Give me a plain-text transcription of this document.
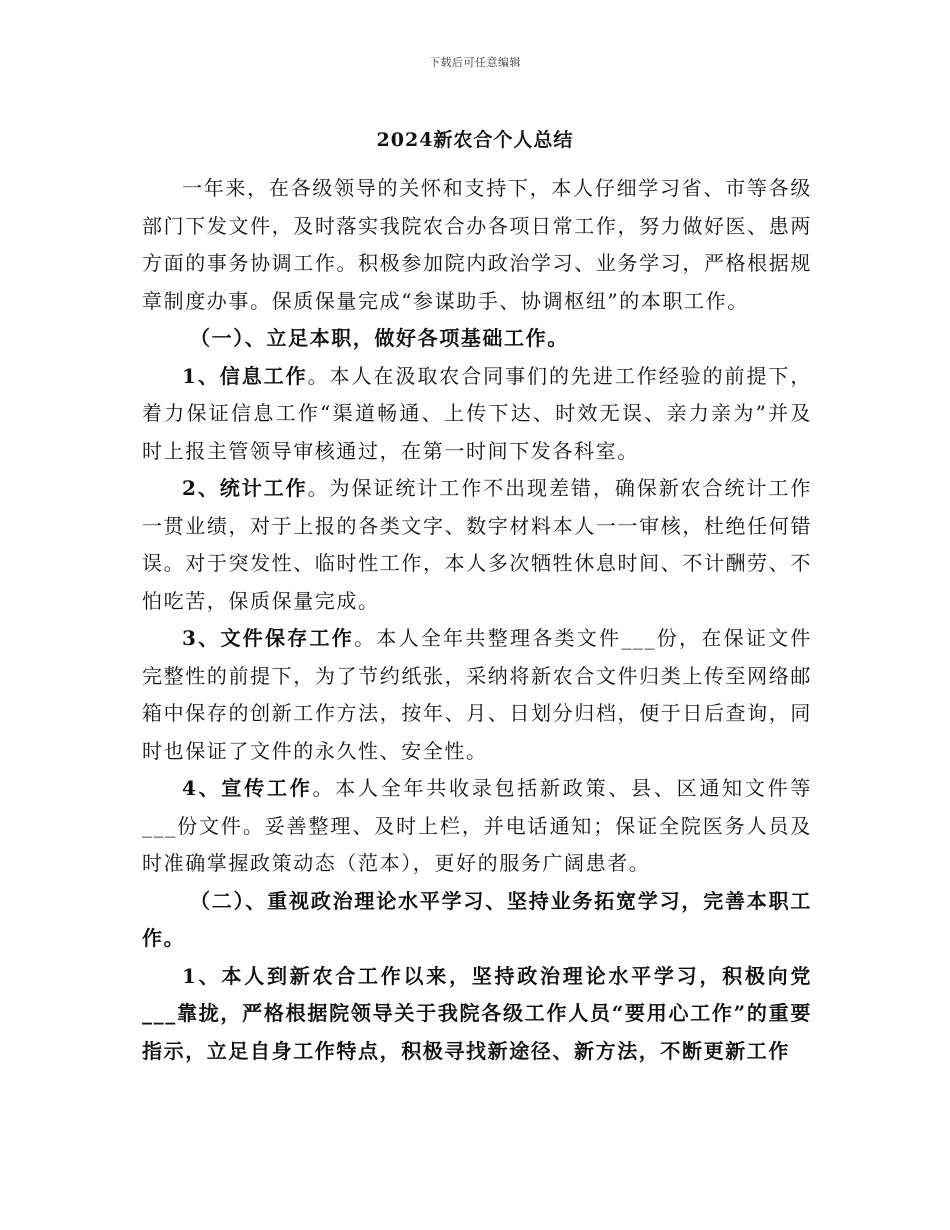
下载后可任意编辑
2024新农合个人总结

一年来，在各级领导的关怀和支持下，本人仔细学习省、市等各级部门下发文件，及时落实我院农合办各项日常工作，努力做好医、患两方面的事务协调工作。积极参加院内政治学习、业务学习，严格根据规章制度办事。保质保量完成“参谋助手、协调枢纽”的本职工作。

（一）、立足本职，做好各项基础工作。

1、信息工作。本人在汲取农合同事们的先进工作经验的前提下，着力保证信息工作“渠道畅通、上传下达、时效无误、亲力亲为”并及时上报主管领导审核通过，在第一时间下发各科室。

2、统计工作。为保证统计工作不出现差错，确保新农合统计工作一贯业绩，对于上报的各类文字、数字材料本人一一审核，杜绝任何错误。对于突发性、临时性工作，本人多次牺牲休息时间、不计酬劳、不怕吃苦，保质保量完成。

3、文件保存工作。本人全年共整理各类文件___份，在保证文件完整性的前提下，为了节约纸张，采纳将新农合文件归类上传至网络邮箱中保存的创新工作方法，按年、月、日划分归档，便于日后查询，同时也保证了文件的永久性、安全性。

4、宣传工作。本人全年共收录包括新政策、县、区通知文件等___份文件。妥善整理、及时上栏，并电话通知；保证全院医务人员及时准确掌握政策动态（范本），更好的服务广阔患者。

（二）、重视政治理论水平学习、坚持业务拓宽学习，完善本职工作。

1、本人到新农合工作以来，坚持政治理论水平学习，积极向党___靠拢，严格根据院领导关于我院各级工作人员“要用心工作”的重要指示，立足自身工作特点，积极寻找新途径、新方法，不断更新工作
